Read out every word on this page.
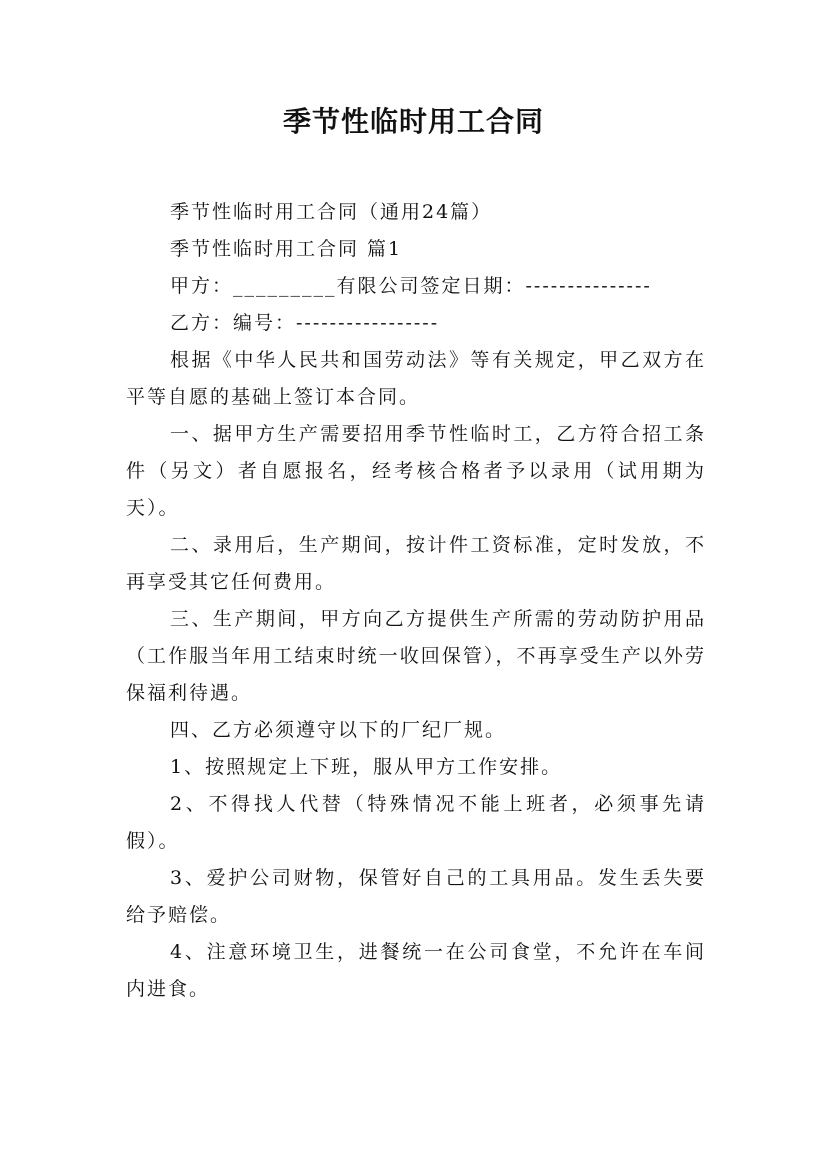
季节性临时用工合同

季节性临时用工合同（通用24篇）

季节性临时用工合同 篇1

甲方：_________有限公司签定日期：---------------

乙方：编号：-----------------

根据《中华人民共和国劳动法》等有关规定，甲乙双方在平等自愿的基础上签订本合同。

一、据甲方生产需要招用季节性临时工，乙方符合招工条件（另文）者自愿报名，经考核合格者予以录用（试用期为天）。

二、录用后，生产期间，按计件工资标准，定时发放，不再享受其它任何费用。

三、生产期间，甲方向乙方提供生产所需的劳动防护用品（工作服当年用工结束时统一收回保管），不再享受生产以外劳保福利待遇。

四、乙方必须遵守以下的厂纪厂规。

1、按照规定上下班，服从甲方工作安排。

2、不得找人代替（特殊情况不能上班者，必须事先请假）。

3、爱护公司财物，保管好自己的工具用品。发生丢失要给予赔偿。

4、注意环境卫生，进餐统一在公司食堂，不允许在车间内进食。
